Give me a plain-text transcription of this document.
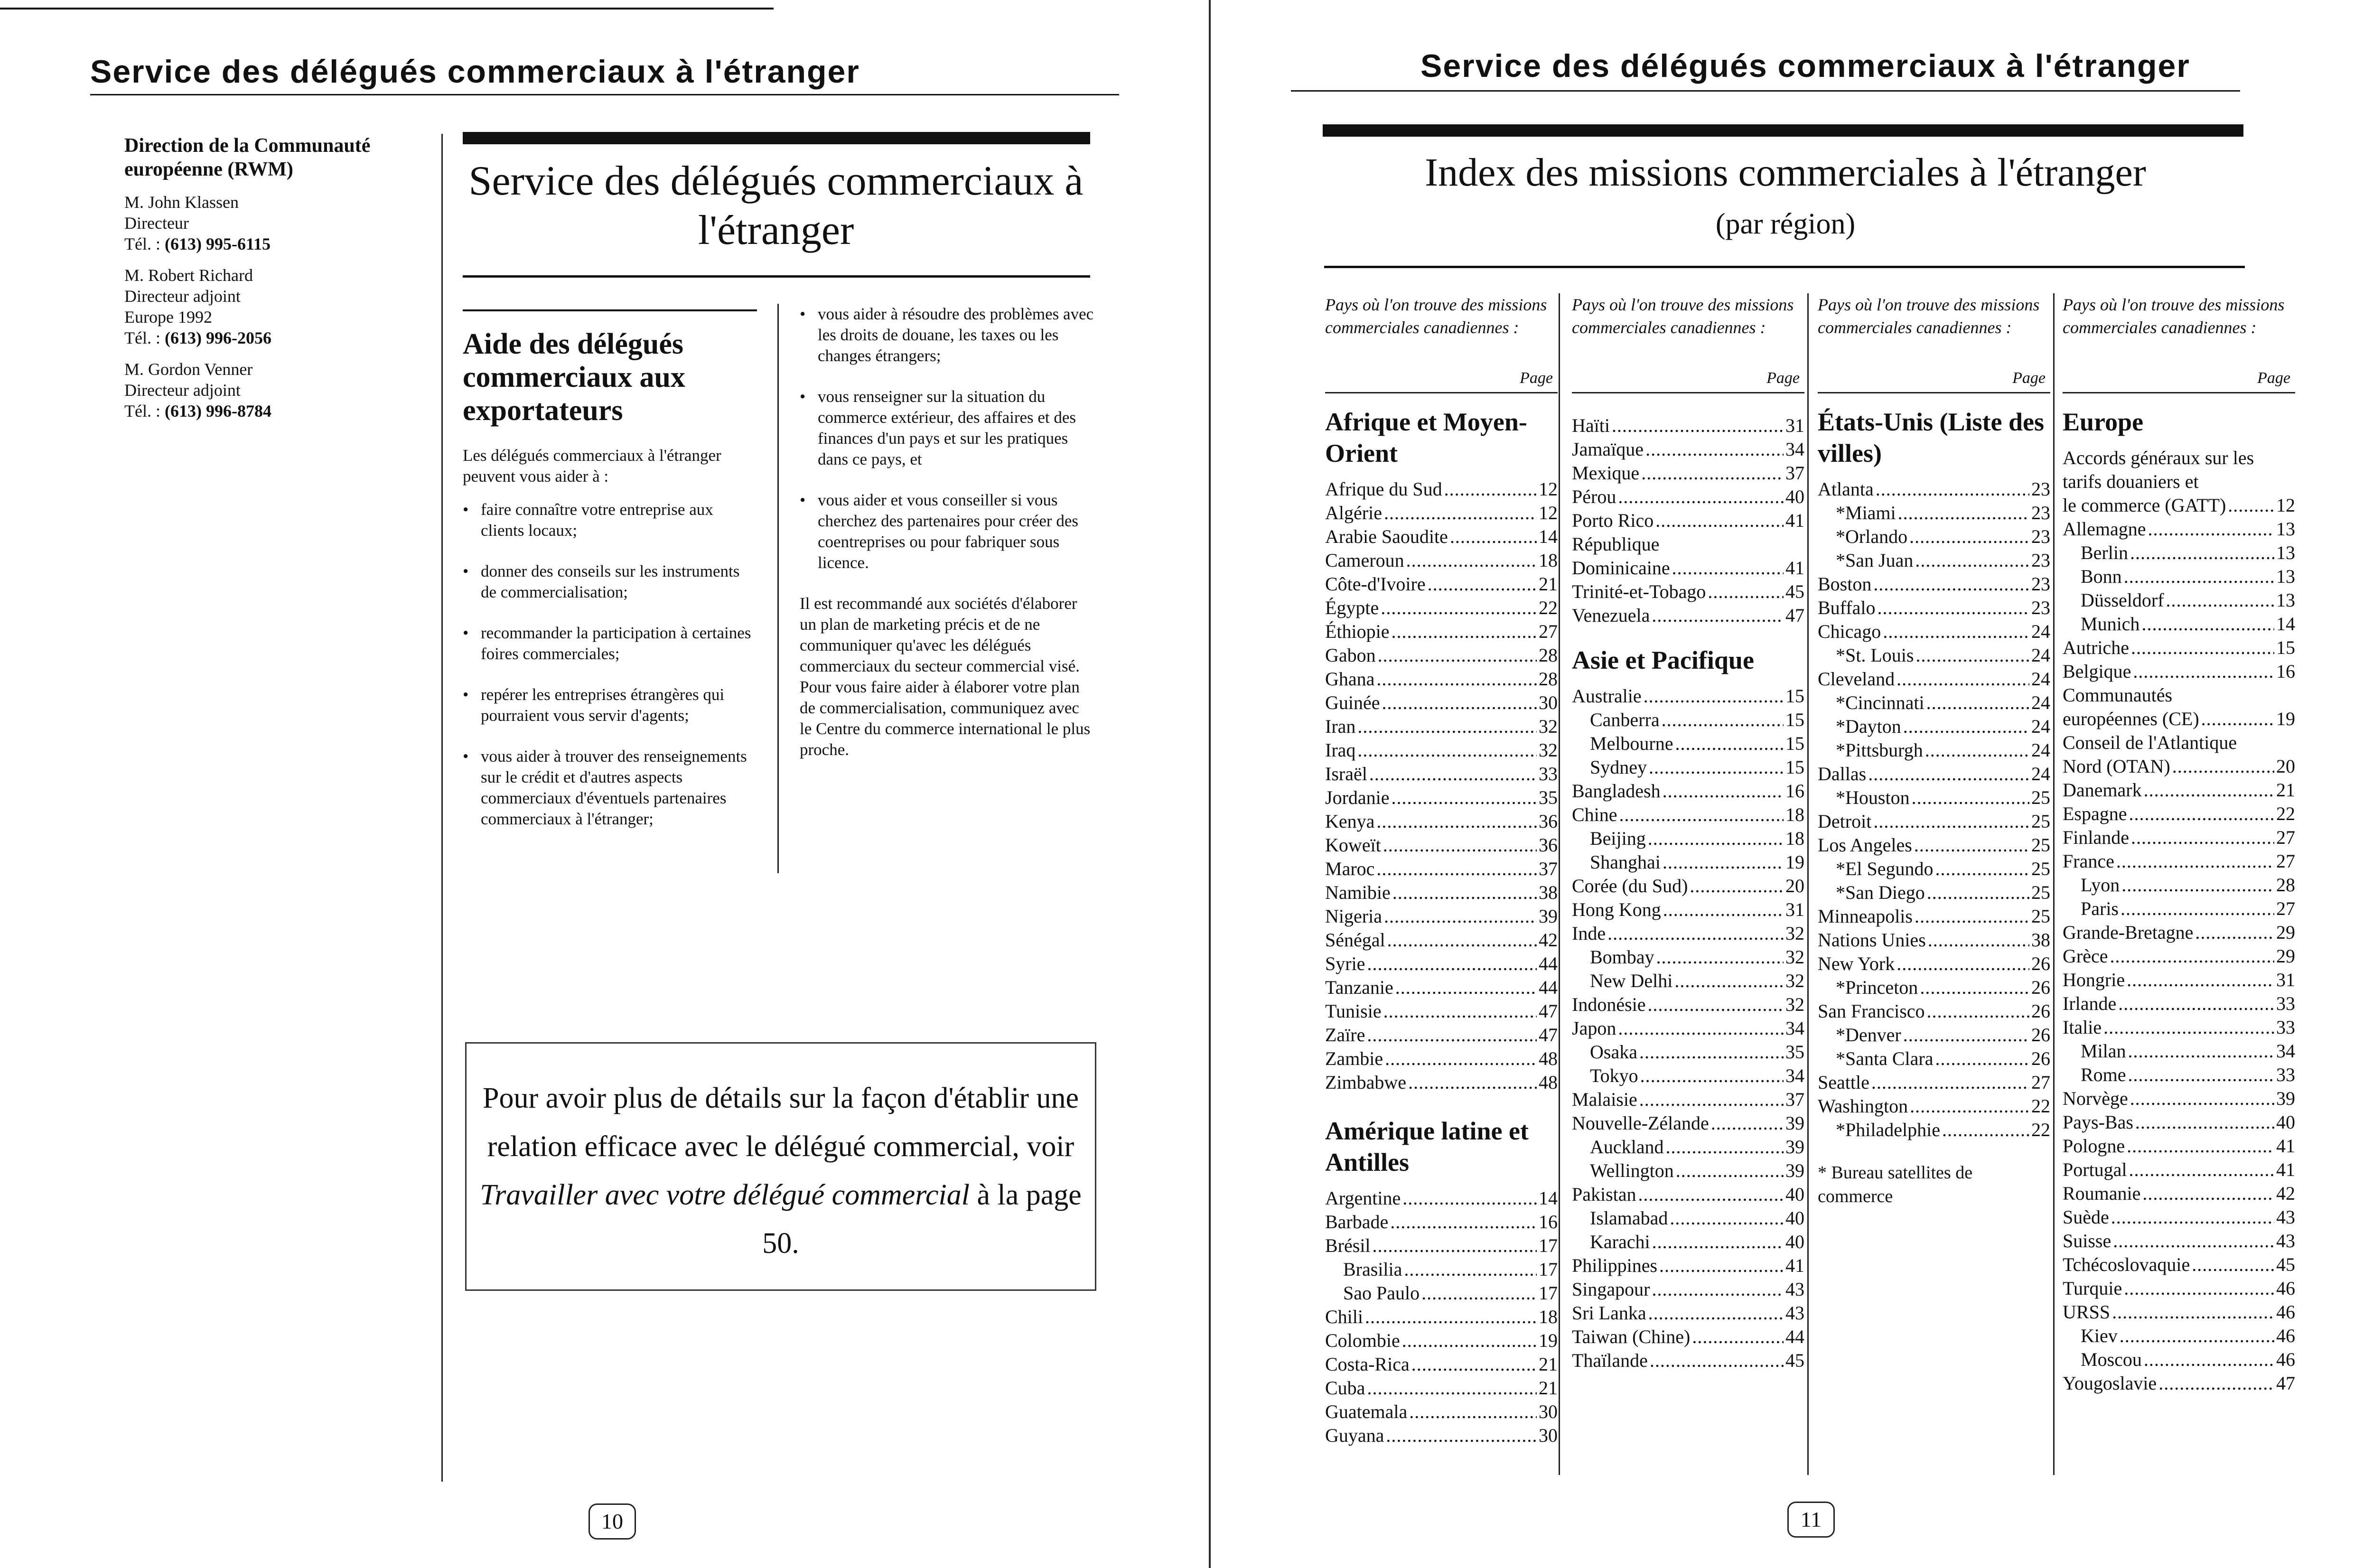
Service des délégués commerciaux à l'étranger
Direction de la Communauté européenne (RWM)
M. John Klassen
Directeur
Tél. : (613) 995-6115
M. Robert Richard
Directeur adjoint Europe 1992
Tél. : (613) 996-2056
M. Gordon Venner
Directeur adjoint
Tél. : (613) 996-8784
Service des délégués commerciaux à l'étranger
Aide des délégués commerciaux aux exportateurs

Les délégués commerciaux à l'étranger peuvent vous aider à :

• faire connaître votre entreprise aux clients locaux;
• donner des conseils sur les instruments de commercialisation;
• recommander la participation à certaines foires commerciales;
• repérer les entreprises étrangères qui pourraient vous servir d'agents;
• vous aider à trouver des renseignements sur le crédit et d'autres aspects commerciaux d'éventuels partenaires commerciaux à l'étranger;
• vous aider à résoudre des problèmes avec les droits de douane, les taxes ou les changes étrangers;
• vous renseigner sur la situation du commerce extérieur, des affaires et des finances d'un pays et sur les pratiques dans ce pays, et
• vous aider et vous conseiller si vous cherchez des partenaires pour créer des coentreprises ou pour fabriquer sous licence.

Il est recommandé aux sociétés d'élaborer un plan de marketing précis et de ne communiquer qu'avec les délégués commerciaux du secteur commercial visé. Pour vous faire aider à élaborer votre plan de commercialisation, communiquez avec le Centre du commerce international le plus proche.

Pour avoir plus de détails sur la façon d'établir une relation efficace avec le délégué commercial, voir Travailler avec votre délégué commercial à la page 50.
10
Service des délégués commerciaux à l'étranger
Index des missions commerciales à l'étranger
(par région)
Pays où l'on trouve des missions commerciales canadiennes :
Page
Afrique et Moyen-Orient
Afrique du Sud .....	12
Algérie .....	12
Arabie Saoudite .....	14
Cameroun .....	18
Côte-d'Ivoire .....	21
Égypte .....	22
Éthiopie .....	27
Gabon .....	28
Ghana .....	28
Guinée .....	30
Iran .....	32
Iraq .....	32
Israël .....	33
Jordanie .....	35
Kenya .....	36
Koweït .....	36
Maroc .....	37
Namibie .....	38
Nigeria .....	39
Sénégal .....	42
Syrie .....	44
Tanzanie .....	44
Tunisie .....	47
Zaïre .....	47
Zambie .....	48
Zimbabwe .....	48
Amérique latine et Antilles
Argentine .....	14
Barbade .....	16
Brésil .....	17
Brasilia .....	17
Sao Paulo .....	17
Chili .....	18
Colombie .....	19
Costa-Rica .....	21
Cuba .....	21
Guatemala .....	30
Guyana .....	30
Pays où l'on trouve des missions commerciales canadiennes :
Page
Haïti .....	31
Jamaïque .....	34
Mexique .....	37
Pérou .....	40
Porto Rico .....	41
République
Dominicaine .....	41
Trinité-et-Tobago .....	45
Venezuela .....	47
Asie et Pacifique
Australie .....	15
Canberra .....	15
Melbourne .....	15
Sydney .....	15
Bangladesh .....	16
Chine .....	18
Beijing .....	18
Shanghai .....	19
Corée (du Sud) .....	20
Hong Kong .....	31
Inde .....	32
Bombay .....	32
New Delhi .....	32
Indonésie .....	32
Japon .....	34
Osaka .....	35
Tokyo .....	34
Malaisie .....	37
Nouvelle-Zélande .....	39
Auckland .....	39
Wellington .....	39
Pakistan .....	40
Islamabad .....	40
Karachi .....	40
Philippines .....	41
Singapour .....	43
Sri Lanka .....	43
Taiwan (Chine) .....	44
Thaïlande .....	45
Pays où l'on trouve des missions commerciales canadiennes :
Page
États-Unis (Liste des villes)
Atlanta .....	23
*Miami .....	23
*Orlando .....	23
*San Juan .....	23
Boston .....	23
Buffalo .....	23
Chicago .....	24
*St. Louis .....	24
Cleveland .....	24
*Cincinnati .....	24
*Dayton .....	24
*Pittsburgh .....	24
Dallas .....	24
*Houston .....	25
Detroit .....	25
Los Angeles .....	25
*El Segundo .....	25
*San Diego .....	25
Minneapolis .....	25
Nations Unies .....	38
New York .....	26
*Princeton .....	26
San Francisco .....	26
*Denver .....	26
*Santa Clara .....	26
Seattle .....	27
Washington .....	22
*Philadelphie .....	22
* Bureau satellites de commerce
Pays où l'on trouve des missions commerciales canadiennes :
Page
Europe
Accords généraux sur les tarifs douaniers et
le commerce (GATT) .....	12
Allemagne .....	13
Berlin .....	13
Bonn .....	13
Düsseldorf .....	13
Munich .....	14
Autriche .....	15
Belgique .....	16
Communautés
européennes (CE) .....	19
Conseil de l'Atlantique
Nord (OTAN) .....	20
Danemark .....	21
Espagne .....	22
Finlande .....	27
France .....	27
Lyon .....	28
Paris .....	27
Grande-Bretagne .....	29
Grèce .....	29
Hongrie .....	31
Irlande .....	33
Italie .....	33
Milan .....	34
Rome .....	33
Norvège .....	39
Pays-Bas .....	40
Pologne .....	41
Portugal .....	41
Roumanie .....	42
Suède .....	43
Suisse .....	43
Tchécoslovaquie .....	45
Turquie .....	46
URSS .....	46
Kiev .....	46
Moscou .....	46
Yougoslavie .....	47
11
